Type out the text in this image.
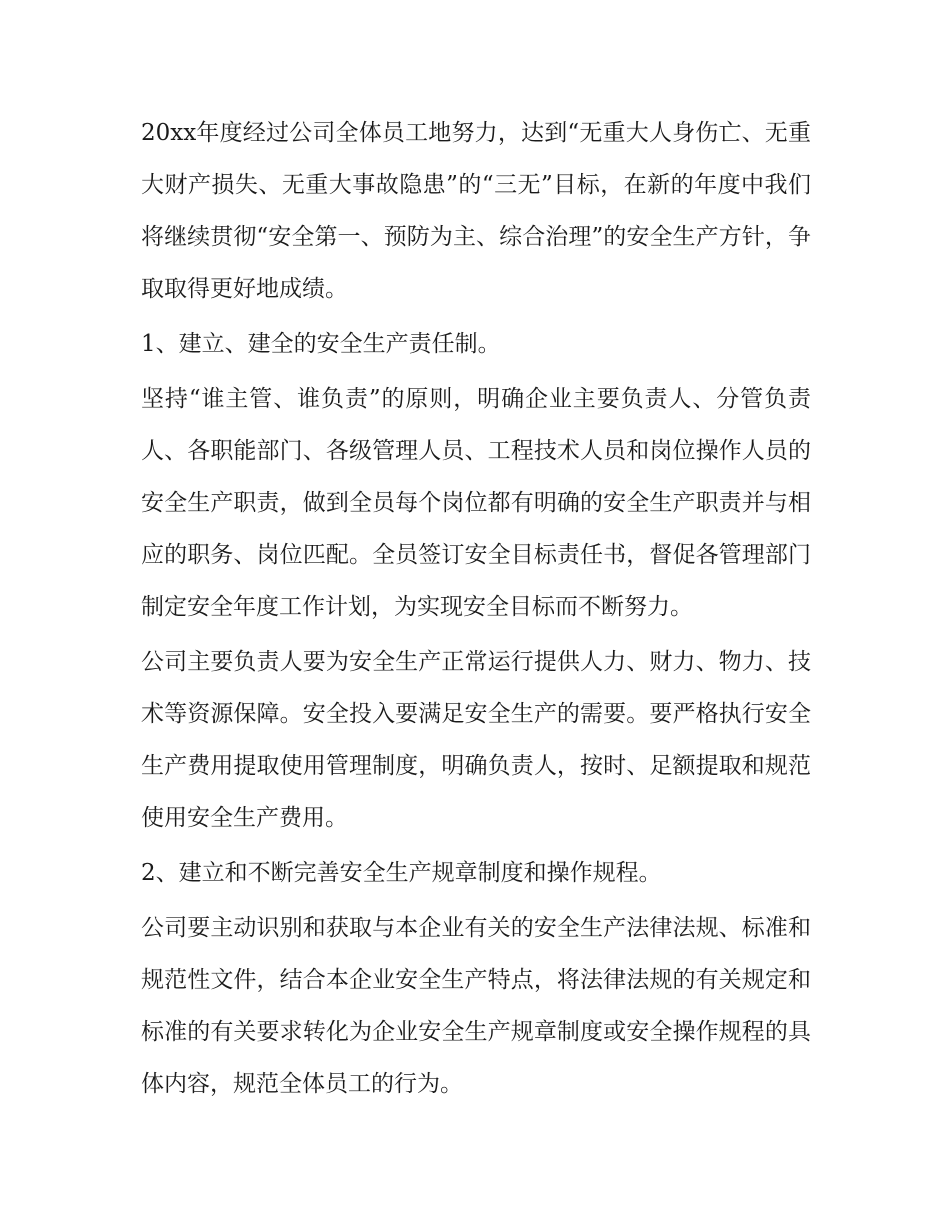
20xx年度经过公司全体员工地努力，达到“无重大人身伤亡、无重大财产损失、无重大事故隐患”的“三无”目标，在新的年度中我们将继续贯彻“安全第一、预防为主、综合治理”的安全生产方针，争取取得更好地成绩。

1、建立、建全的安全生产责任制。

坚持“谁主管、谁负责”的原则，明确企业主要负责人、分管负责人、各职能部门、各级管理人员、工程技术人员和岗位操作人员的安全生产职责，做到全员每个岗位都有明确的安全生产职责并与相应的职务、岗位匹配。全员签订安全目标责任书，督促各管理部门制定安全年度工作计划，为实现安全目标而不断努力。

公司主要负责人要为安全生产正常运行提供人力、财力、物力、技术等资源保障。安全投入要满足安全生产的需要。要严格执行安全生产费用提取使用管理制度，明确负责人，按时、足额提取和规范使用安全生产费用。

2、建立和不断完善安全生产规章制度和操作规程。

公司要主动识别和获取与本企业有关的安全生产法律法规、标准和规范性文件，结合本企业安全生产特点，将法律法规的有关规定和标准的有关要求转化为企业安全生产规章制度或安全操作规程的具体内容，规范全体员工的行为。
